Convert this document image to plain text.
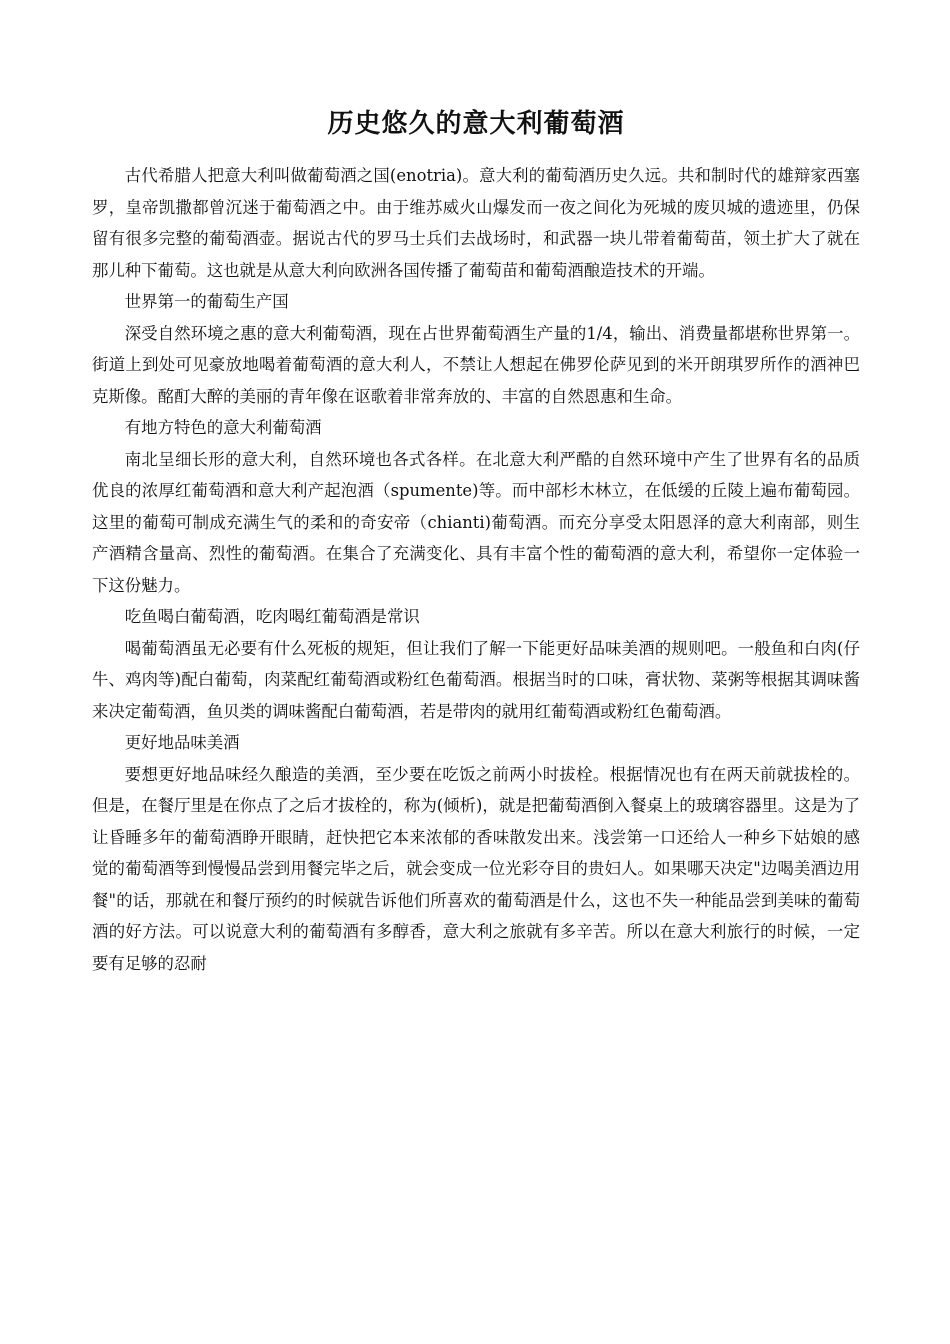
历史悠久的意大利葡萄酒

古代希腊人把意大利叫做葡萄酒之国(enotria)。意大利的葡萄酒历史久远。共和制时代的雄辩家西塞罗，皇帝凯撒都曾沉迷于葡萄酒之中。由于维苏威火山爆发而一夜之间化为死城的废贝城的遗迹里，仍保留有很多完整的葡萄酒壶。据说古代的罗马士兵们去战场时，和武器一块儿带着葡萄苗，领土扩大了就在那儿种下葡萄。这也就是从意大利向欧洲各国传播了葡萄苗和葡萄酒酿造技术的开端。

世界第一的葡萄生产国

深受自然环境之惠的意大利葡萄酒，现在占世界葡萄酒生产量的1/4，输出、消费量都堪称世界第一。街道上到处可见豪放地喝着葡萄酒的意大利人，不禁让人想起在佛罗伦萨见到的米开朗琪罗所作的酒神巴克斯像。酩酊大醉的美丽的青年像在讴歌着非常奔放的、丰富的自然恩惠和生命。

有地方特色的意大利葡萄酒

南北呈细长形的意大利，自然环境也各式各样。在北意大利严酷的自然环境中产生了世界有名的品质优良的浓厚红葡萄酒和意大利产起泡酒（spumente)等。而中部杉木林立，在低缓的丘陵上遍布葡萄园。这里的葡萄可制成充满生气的柔和的奇安帝（chianti)葡萄酒。而充分享受太阳恩泽的意大利南部，则生产酒精含量高、烈性的葡萄酒。在集合了充满变化、具有丰富个性的葡萄酒的意大利，希望你一定体验一下这份魅力。

吃鱼喝白葡萄酒，吃肉喝红葡萄酒是常识

喝葡萄酒虽无必要有什么死板的规矩，但让我们了解一下能更好品味美酒的规则吧。一般鱼和白肉(仔牛、鸡肉等)配白葡萄，肉菜配红葡萄酒或粉红色葡萄酒。根据当时的口味，膏状物、菜粥等根据其调味酱来决定葡萄酒，鱼贝类的调味酱配白葡萄酒，若是带肉的就用红葡萄酒或粉红色葡萄酒。

更好地品味美酒

要想更好地品味经久酿造的美酒，至少要在吃饭之前两小时拔栓。根据情况也有在两天前就拔栓的。但是，在餐厅里是在你点了之后才拔栓的，称为(倾析)，就是把葡萄酒倒入餐桌上的玻璃容器里。这是为了让昏睡多年的葡萄酒睁开眼睛，赶快把它本来浓郁的香味散发出来。浅尝第一口还给人一种乡下姑娘的感觉的葡萄酒等到慢慢品尝到用餐完毕之后，就会变成一位光彩夺目的贵妇人。如果哪天决定"边喝美酒边用餐"的话，那就在和餐厅预约的时候就告诉他们所喜欢的葡萄酒是什么，这也不失一种能品尝到美味的葡萄酒的好方法。可以说意大利的葡萄酒有多醇香，意大利之旅就有多辛苦。所以在意大利旅行的时候，一定要有足够的忍耐
